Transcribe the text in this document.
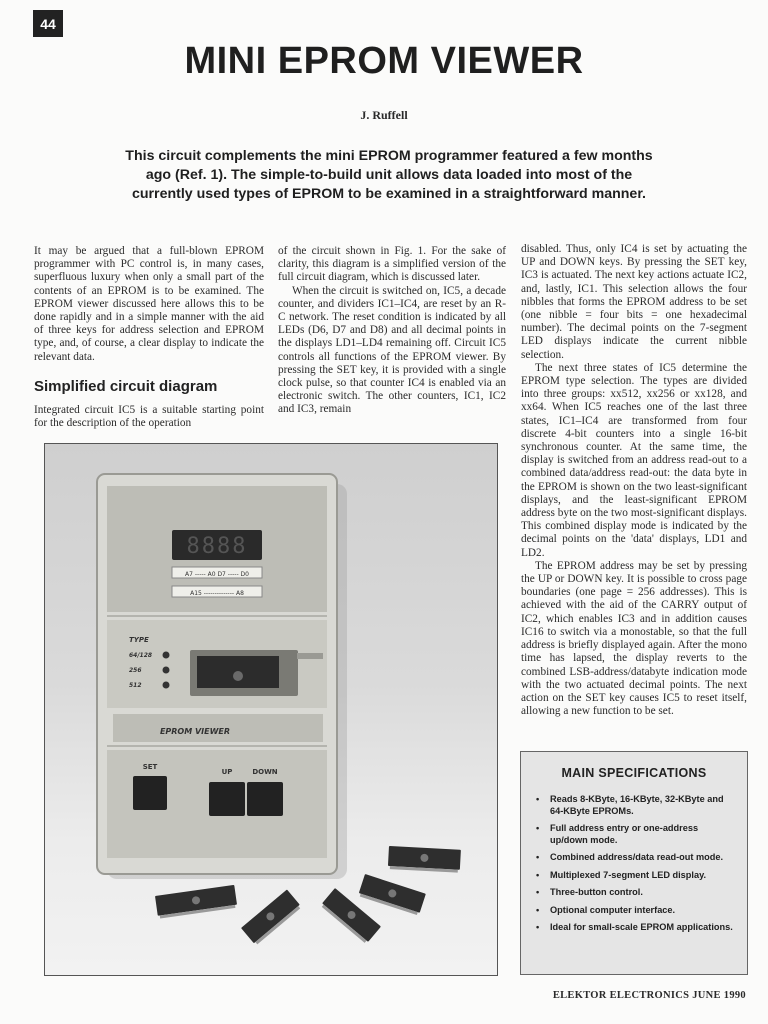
44
MINI EPROM VIEWER
J. Ruffell
This circuit complements the mini EPROM programmer featured a few months ago (Ref. 1). The simple-to-build unit allows data loaded into most of the currently used types of EPROM to be examined in a straightforward manner.

It may be argued that a full-blown EPROM programmer with PC control is, in many cases, superfluous luxury when only a small part of the contents of an EPROM is to be examined. The EPROM viewer discussed here allows this to be done rapidly and in a simple manner with the aid of three keys for address selection and EPROM type, and, of course, a clear display to indicate the relevant data.

Simplified circuit diagram

Integrated circuit IC5 is a suitable starting point for the description of the operation

of the circuit shown in Fig. 1. For the sake of clarity, this diagram is a simplified version of the full circuit diagram, which is discussed later.

When the circuit is switched on, IC5, a decade counter, and dividers IC1–IC4, are reset by an R-C network. The reset condition is indicated by all LEDs (D6, D7 and D8) and all decimal points in the displays LD1–LD4 remaining off. Circuit IC5 controls all functions of the EPROM viewer. By pressing the SET key, it is provided with a single clock pulse, so that counter IC4 is enabled via an electronic switch. The other counters, IC1, IC2 and IC3, remain

disabled. Thus, only IC4 is set by actuating the UP and DOWN keys. By pressing the SET key, IC3 is actuated. The next key actions actuate IC2, and, lastly, IC1. This selection allows the four nibbles that forms the EPROM address to be set (one nibble = four bits = one hexadecimal number). The decimal points on the 7-segment LED displays indicate the current nibble selection.

The next three states of IC5 determine the EPROM type selection. The types are divided into three groups: xx512, xx256 or xx128, and xx64. When IC5 reaches one of the last three states, IC1–IC4 are transformed from four discrete 4-bit counters into a single 16-bit synchronous counter. At the same time, the display is switched from an address read-out to a combined data/address read-out: the data byte in the EPROM is shown on the two least-significant displays, and the least-significant EPROM address byte on the two most-significant displays. This combined display mode is indicated by the decimal points on the 'data' displays, LD1 and LD2.

The EPROM address may be set by pressing the UP or DOWN key. It is possible to cross page boundaries (one page = 256 addresses). This is achieved with the aid of the CARRY output of IC2, which enables IC3 and in addition causes IC16 to switch via a monostable, so that the full address is briefly displayed again. After the mono time has lapsed, the display reverts to the combined LSB-address/databyte indication mode with the two actuated decimal points. The next action on the SET key causes IC5 to reset itself, allowing a new function to be set.

8888
A7 ----- A0 D7 ----- D0
A15 -------------- A8
TYPE
64/128
256
512
EPROM VIEWER
SET
UP	DOWN	MAIN SPECIFICATIONS
• Reads 8-KByte, 16-KByte, 32-KByte and 64-KByte EPROMs.
• Full address entry or one-address up/down mode.
• Combined address/data read-out mode.
• Multiplexed 7-segment LED display.
• Three-button control.
• Optional computer interface.
• Ideal for small-scale EPROM applications.
ELEKTOR ELECTRONICS JUNE 1990
